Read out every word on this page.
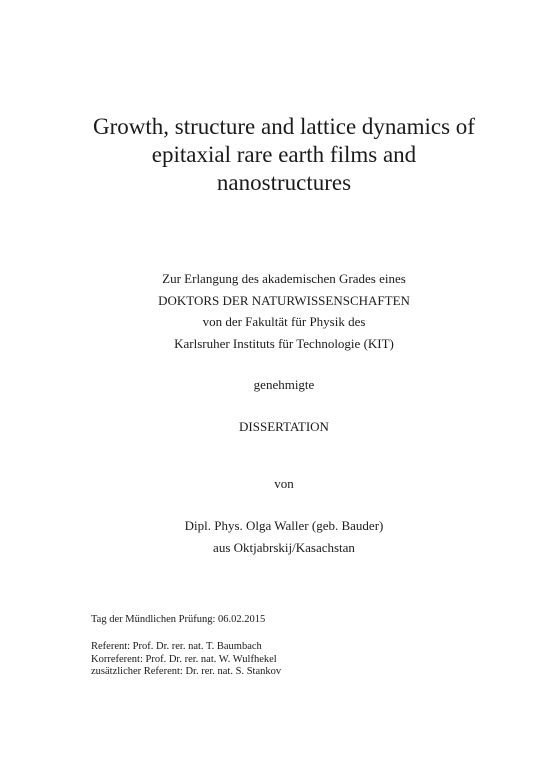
Growth, structure and lattice dynamics of
epitaxial rare earth films and
nanostructures
Zur Erlangung des akademischen Grades eines
DOKTORS DER NATURWISSENSCHAFTEN
von der Fakultät für Physik des
Karlsruher Instituts für Technologie (KIT)
genehmigte
DISSERTATION
von
Dipl. Phys. Olga Waller (geb. Bauder)
aus Oktjabrskij/Kasachstan
Tag der Mündlichen Prüfung: 06.02.2015
Referent: Prof. Dr. rer. nat. T. Baumbach
Korreferent: Prof. Dr. rer. nat. W. Wulfhekel
zusätzlicher Referent: Dr. rer. nat. S. Stankov
